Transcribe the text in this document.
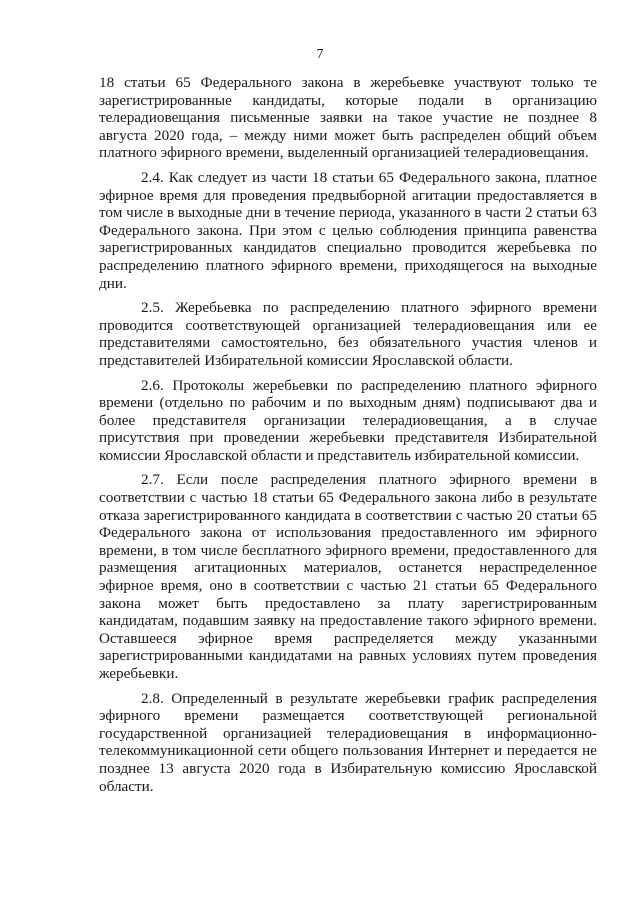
7

18 статьи 65 Федерального закона в жеребьевке участвуют только те зарегистрированные кандидаты, которые подали в организацию телерадиовещания письменные заявки на такое участие не позднее 8 августа 2020 года, – между ними может быть распределен общий объем платного эфирного времени, выделенный организацией телерадиовещания.

2.4. Как следует из части 18 статьи 65 Федерального закона, платное эфирное время для проведения предвыборной агитации предоставляется в том числе в выходные дни в течение периода, указанного в части 2 статьи 63 Федерального закона. При этом с целью соблюдения принципа равенства зарегистрированных кандидатов специально проводится жеребьевка по распределению платного эфирного времени, приходящегося на выходные дни.

2.5. Жеребьевка по распределению платного эфирного времени проводится соответствующей организацией телерадиовещания или ее представителями самостоятельно, без обязательного участия членов и представителей Избирательной комиссии Ярославской области.

2.6. Протоколы жеребьевки по распределению платного эфирного времени (отдельно по рабочим и по выходным дням) подписывают два и более представителя организации телерадиовещания, а в случае присутствия при проведении жеребьевки представителя Избирательной комиссии Ярославской области и представитель избирательной комиссии.

2.7. Если после распределения платного эфирного времени в соответствии с частью 18 статьи 65 Федерального закона либо в результате отказа зарегистрированного кандидата в соответствии с частью 20 статьи 65 Федерального закона от использования предоставленного им эфирного времени, в том числе бесплатного эфирного времени, предоставленного для размещения агитационных материалов, останется нераспределенное эфирное время, оно в соответствии с частью 21 статьи 65 Федерального закона может быть предоставлено за плату зарегистрированным кандидатам, подавшим заявку на предоставление такого эфирного времени. Оставшееся эфирное время распределяется между указанными зарегистрированными кандидатами на равных условиях путем проведения жеребьевки.

2.8. Определенный в результате жеребьевки график распределения эфирного времени размещается соответствующей региональной государственной организацией телерадиовещания в информационно-телекоммуникационной сети общего пользования Интернет и передается не позднее 13 августа 2020 года в Избирательную комиссию Ярославской области.
